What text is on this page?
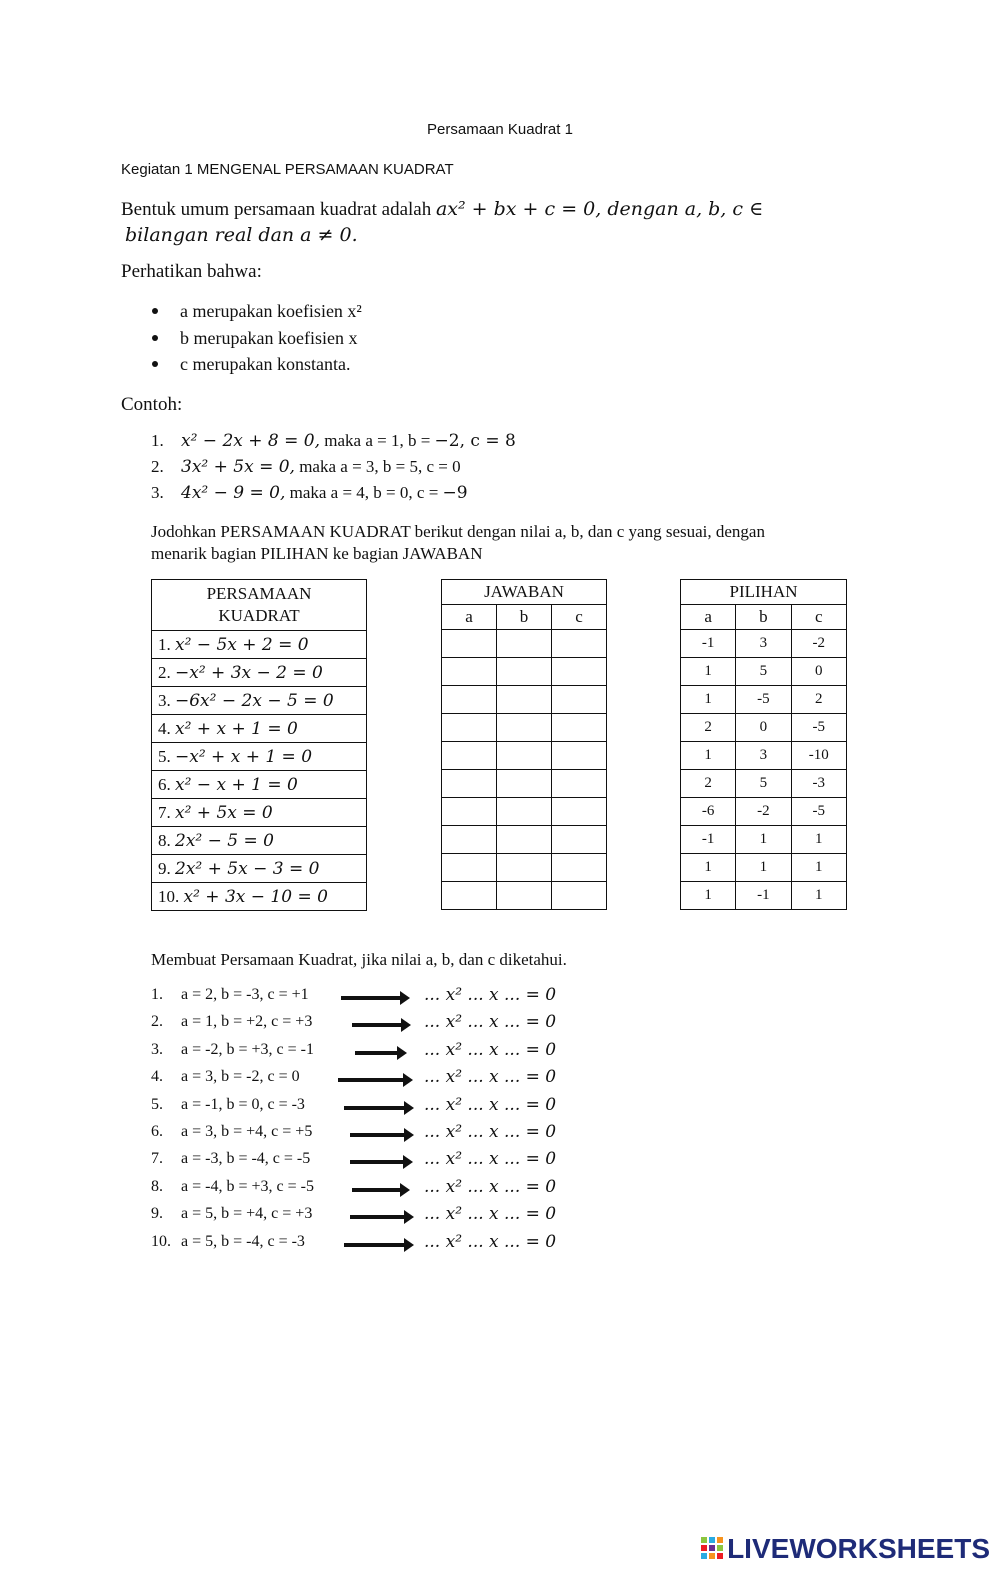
Persamaan Kuadrat 1
Kegiatan 1 MENGENAL PERSAMAAN KUADRAT
Bentuk umum persamaan kuadrat adalah ax² + bx + c = 0, dengan a, b, c ∈
bilangan real dan a ≠ 0.
Perhatikan bahwa:
a merupakan koefisien x²
b merupakan koefisien x
c merupakan konstanta.
Contoh:
1. x² − 2x + 8 = 0, maka a = 1, b = −2, c = 8
2. 3x² + 5x = 0, maka a = 3, b = 5, c = 0
3. 4x² − 9 = 0, maka a = 4, b = 0, c = −9
Jodohkan PERSAMAAN KUADRAT berikut dengan nilai a, b, dan c yang sesuai, dengan
menarik bagian PILIHAN ke bagian JAWABAN
PERSAMAAN
KUADRAT
1. x² − 5x + 2 = 0
2. −x² + 3x − 2 = 0
3. −6x² − 2x − 5 = 0
4. x² + x + 1 = 0
5. −x² + x + 1 = 0
6. x² − x + 1 = 0
7. x² + 5x = 0
8. 2x² − 5 = 0
9. 2x² + 5x − 3 = 0
10. x² + 3x − 10 = 0
JAWABAN		
a	b	c

PILIHAN		
a	b	c
-1	3	-2
1	5	0
1	-5	2
2	0	-5
1	3	-10
2	5	-3
-6	-2	-5
-1	1	1
1	1	1
1	-1	1
Membuat Persamaan Kuadrat, jika nilai a, b, dan c diketahui.
1. a = 2, b = -3, c = +1	... x² ... x ... = 0
2. a = 1, b = +2, c = +3	... x² ... x ... = 0
3. a = -2, b = +3, c = -1	... x² ... x ... = 0
4. a = 3, b = -2, c = 0	... x² ... x ... = 0
5. a = -1, b = 0, c = -3	... x² ... x ... = 0
6. a = 3, b = +4, c = +5	... x² ... x ... = 0
7. a = -3, b = -4, c = -5	... x² ... x ... = 0
8. a = -4, b = +3, c = -5	... x² ... x ... = 0
9. a = 5, b = +4, c = +3	... x² ... x ... = 0
10. a = 5, b = -4, c = -3	... x² ... x ... = 0
LIVEWORKSHEETS
